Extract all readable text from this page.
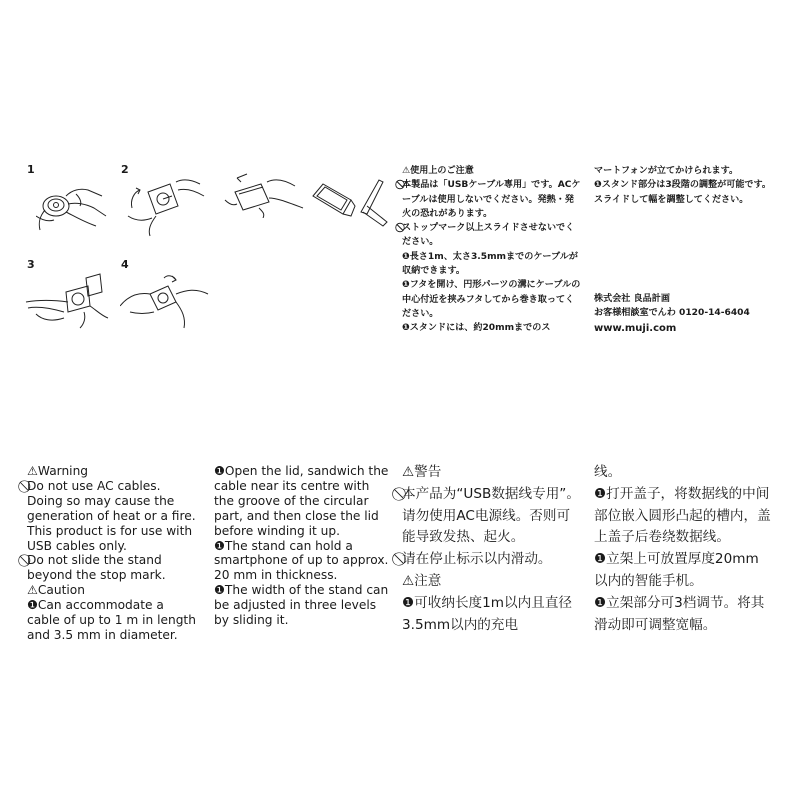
1	2
3	4

⚠使用上のご注意

⃠本製品は「USBケーブル専用」です。ACケーブルは使用しないでください。発熱・発火の恐れがあります。

⃠ストップマーク以上スライドさせないでください。

❶長さ1m、太さ3.5mmまでのケーブルが収納できます。

❶フタを開け、円形パーツの溝にケーブルの中心付近を挟みフタしてから巻き取ってください。

❶スタンドには、約20mmまでのス

マートフォンが立てかけられます。

❶スタンド部分は3段階の調整が可能です。スライドして幅を調整してください。

株式会社 良品計画

お客様相談室でんわ 0120-14-6404

www.muji.com

⚠Warning

⃠Do not use AC cables. Doing so may cause the generation of heat or a fire. This product is for use with USB cables only.

⃠Do not slide the stand beyond the stop mark.

⚠Caution

❶Can accommodate a cable of up to 1 m in length and 3.5 mm in diameter.

❶Open the lid, sandwich the cable near its centre with the groove of the circular part, and then close the lid before winding it up.

❶The stand can hold a smartphone of up to approx. 20 mm in thickness.

❶The width of the stand can be adjusted in three levels by sliding it.

⚠警告

⃠本产品为“USB数据线专用”。请勿使用AC电源线。否则可能导致发热、起火。

⃠请在停止标示以内滑动。

⚠注意

❶可收纳长度1m以内且直径3.5mm以内的充电

线。

❶打开盖子，将数据线的中间部位嵌入圆形凸起的槽内，盖上盖子后卷绕数据线。

❶立架上可放置厚度20mm以内的智能手机。

❶立架部分可3档调节。将其滑动即可调整宽幅。
